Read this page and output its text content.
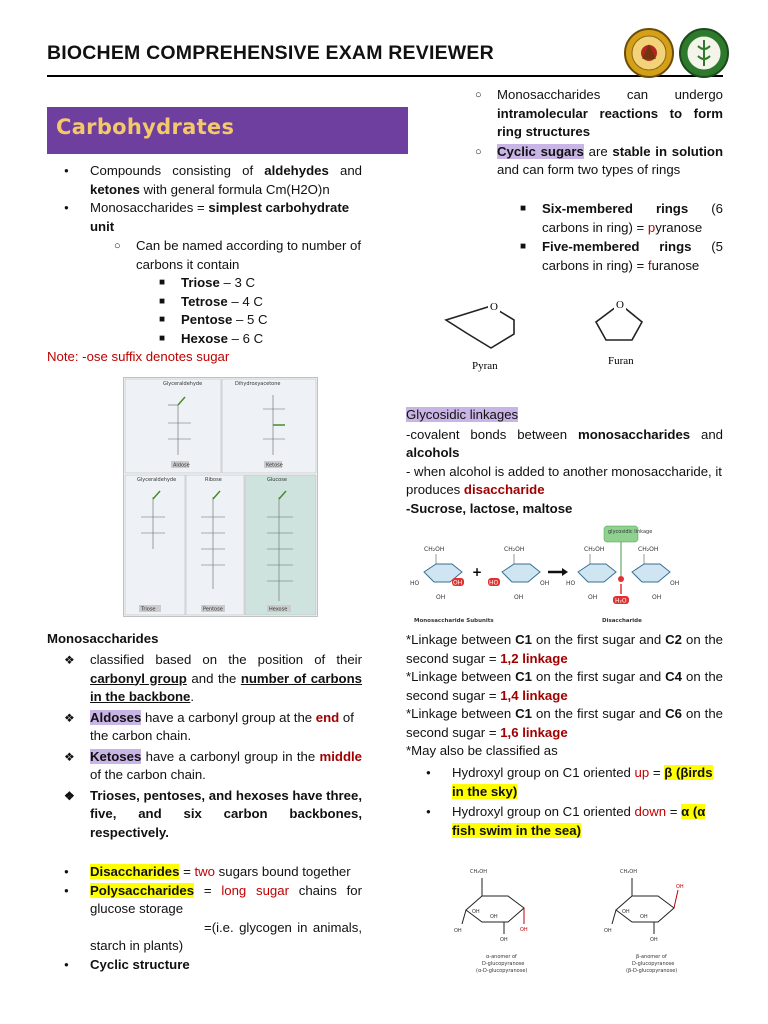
BIOCHEM COMPREHENSIVE EXAM REVIEWER
Carbohydrates
● Compounds consisting of aldehydes and ketones with general formula Cm(H2O)n
● Monosaccharides = simplest carbohydrate unit
○ Can be named according to number of carbons it contain
■ Triose – 3 C
■ Tetrose – 4 C
■ Pentose – 5 C
■ Hexose – 6 C
Note: -ose suffix denotes sugar
Glyceraldehyde	Dihydroxyacetone
Aldose	Ketose
Glyceraldehyde	Ribose	Glucose
Triose	Pentose	Hexose
Monosaccharides
❖ classified based on the position of their carbonyl group and the number of carbons in the backbone.
❖ Aldoses have a carbonyl group at the end of the carbon chain.
❖ Ketoses have a carbonyl group in the middle of the carbon chain.
❖ Trioses, pentoses, and hexoses have three, five, and six carbon backbones, respectively.
● Disaccharides = two sugars bound together
● Polysaccharides = long sugar chains for glucose storage
=(i.e. glycogen in animals, starch in plants)
● Cyclic structure
○ Monosaccharides can undergo intramolecular reactions to form ring structures
○ Cyclic sugars are stable in solution and can form two types of rings
■ Six-membered rings (6 carbons in ring) = pyranose
■ Five-membered rings (5 carbons in ring) = furanose
O
Pyran
O
Furan
Glycosidic linkages
-covalent bonds between monosaccharides and alcohols
- when alcohol is added to another monosaccharide, it produces disaccharide
-Sucrose, lactose, maltose
CH₂OH	CH₂OH	CH₂OH	CH₂OH
HO	OH	HO	OH
OH	OH
+
HO	OH
OH	OH
glycosidic linkage
H₂O
Monosaccharide Subunits	Disaccharide
*Linkage between C1 on the first sugar and C2 on the second sugar = 1,2 linkage
*Linkage between C1 on the first sugar and C4 on the second sugar = 1,4 linkage
*Linkage between C1 on the first sugar and C6 on the second sugar = 1,6 linkage
*May also be classified as
● Hydroxyl group on C1 oriented up = β (βirds in the sky)
● Hydroxyl group on C1 oriented down = α (α fish swim in the sea)
CH₂OH
OH
OH
OH
OH
OH
α-anomer of
D-glucopyranose
(α-D-glucopyranose)
CH₂OH
OH
OH
OH
OH
OH
β-anomer of
D-glucopyranose
(β-D-glucopyranose)
